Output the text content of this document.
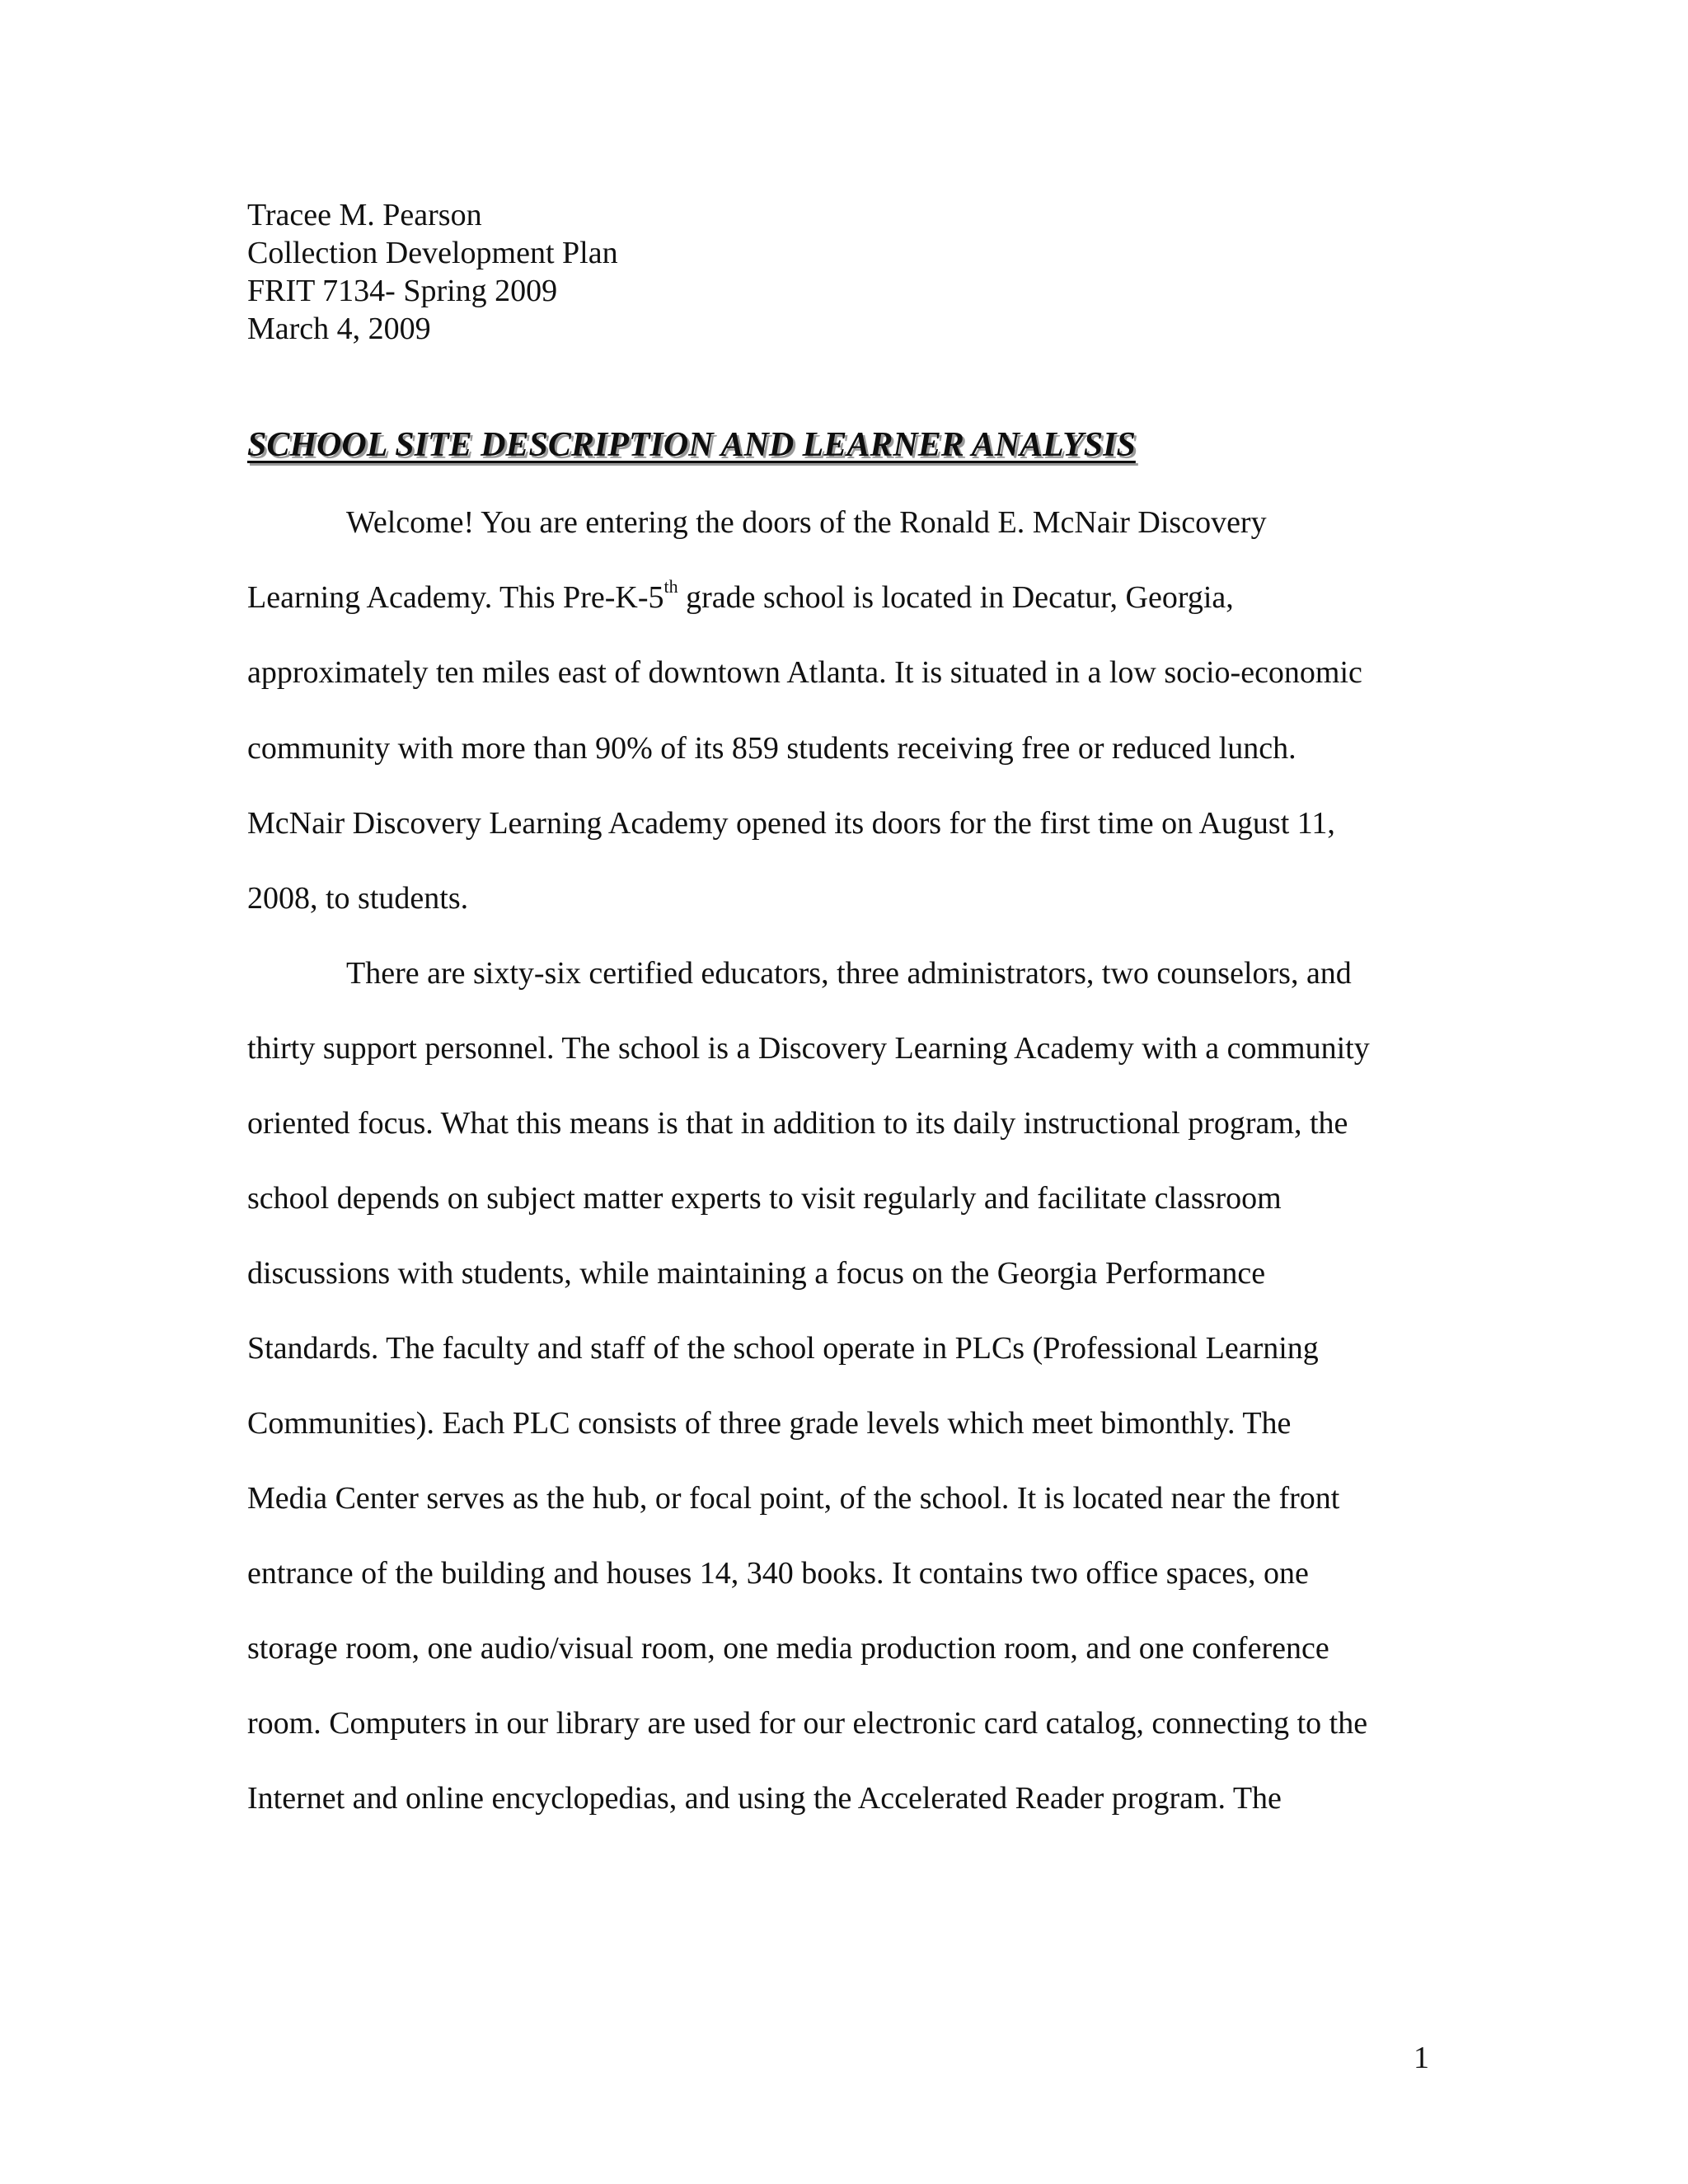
Tracee M. Pearson
Collection Development Plan
FRIT 7134- Spring 2009
March 4, 2009
SCHOOL SITE DESCRIPTION AND LEARNER ANALYSIS
Welcome! You are entering the doors of the Ronald E. McNair Discovery
Learning Academy. This Pre-K-5th grade school is located in Decatur, Georgia,
approximately ten miles east of downtown Atlanta. It is situated in a low socio-economic
community with more than 90% of its 859 students receiving free or reduced lunch.
McNair Discovery Learning Academy opened its doors for the first time on August 11,
2008, to students.
There are sixty-six certified educators, three administrators, two counselors, and
thirty support personnel. The school is a Discovery Learning Academy with a community
oriented focus. What this means is that in addition to its daily instructional program, the
school depends on subject matter experts to visit regularly and facilitate classroom
discussions with students, while maintaining a focus on the Georgia Performance
Standards. The faculty and staff of the school operate in PLCs (Professional Learning
Communities). Each PLC consists of three grade levels which meet bimonthly. The
Media Center serves as the hub, or focal point, of the school. It is located near the front
entrance of the building and houses 14, 340 books. It contains two office spaces, one
storage room, one audio/visual room, one media production room, and one conference
room. Computers in our library are used for our electronic card catalog, connecting to the
Internet and online encyclopedias, and using the Accelerated Reader program. The
1
